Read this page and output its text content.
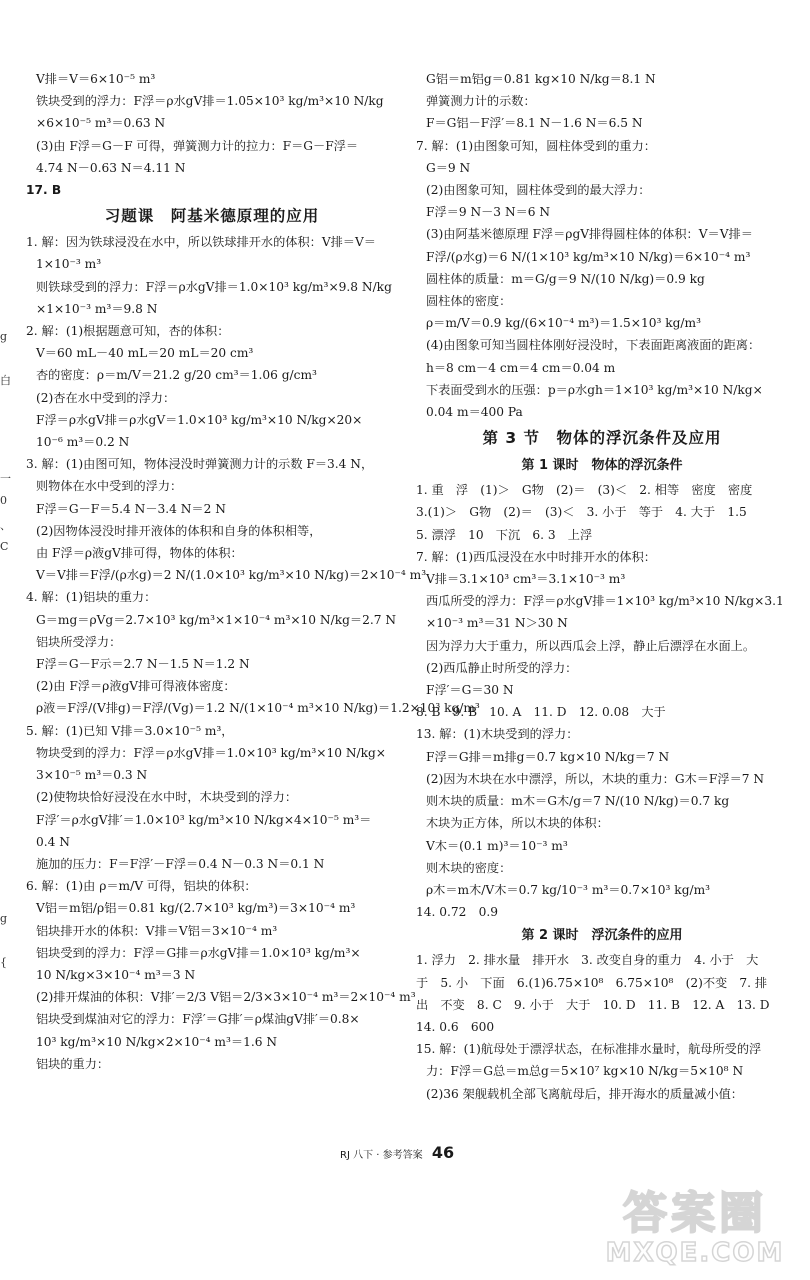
V排＝V＝6×10⁻⁵ m³
铁块受到的浮力：F浮＝ρ水gV排＝1.05×10³ kg/m³×10 N/kg
×6×10⁻⁵ m³＝0.63 N
(3)由 F浮＝G－F 可得，弹簧测力计的拉力：F＝G－F浮＝
4.74 N－0.63 N＝4.11 N
17. B
习题课　阿基米德原理的应用
1. 解：因为铁球浸没在水中，所以铁球排开水的体积：V排＝V＝
1×10⁻³ m³
则铁球受到的浮力：F浮＝ρ水gV排＝1.0×10³ kg/m³×9.8 N/kg
×1×10⁻³ m³＝9.8 N
2. 解：(1)根据题意可知，杏的体积：
V＝60 mL－40 mL＝20 mL＝20 cm³
杏的密度：ρ＝m/V＝21.2 g/20 cm³＝1.06 g/cm³
(2)杏在水中受到的浮力：
F浮＝ρ水gV排＝ρ水gV＝1.0×10³ kg/m³×10 N/kg×20×
10⁻⁶ m³＝0.2 N
3. 解：(1)由图可知，物体浸没时弹簧测力计的示数 F＝3.4 N，
则物体在水中受到的浮力：
F浮＝G－F＝5.4 N－3.4 N＝2 N
(2)因物体浸没时排开液体的体积和自身的体积相等，
由 F浮＝ρ液gV排可得，物体的体积：
V＝V排＝F浮/(ρ水g)＝2 N/(1.0×10³ kg/m³×10 N/kg)＝2×10⁻⁴ m³
4. 解：(1)铝块的重力：
G＝mg＝ρVg＝2.7×10³ kg/m³×1×10⁻⁴ m³×10 N/kg＝2.7 N
铝块所受浮力：
F浮＝G－F示＝2.7 N－1.5 N＝1.2 N
(2)由 F浮＝ρ液gV排可得液体密度：
ρ液＝F浮/(V排g)＝F浮/(Vg)＝1.2 N/(1×10⁻⁴ m³×10 N/kg)＝1.2×10³ kg/m³
5. 解：(1)已知 V排＝3.0×10⁻⁵ m³，
物块受到的浮力：F浮＝ρ水gV排＝1.0×10³ kg/m³×10 N/kg×
3×10⁻⁵ m³＝0.3 N
(2)使物块恰好浸没在水中时，木块受到的浮力：
F浮′＝ρ水gV排′＝1.0×10³ kg/m³×10 N/kg×4×10⁻⁵ m³＝
0.4 N
施加的压力：F＝F浮′－F浮＝0.4 N－0.3 N＝0.1 N
6. 解：(1)由 ρ＝m/V 可得，铝块的体积：
V铝＝m铝/ρ铝＝0.81 kg/(2.7×10³ kg/m³)＝3×10⁻⁴ m³
铝块排开水的体积：V排＝V铝＝3×10⁻⁴ m³
铝块受到的浮力：F浮＝G排＝ρ水gV排＝1.0×10³ kg/m³×
10 N/kg×3×10⁻⁴ m³＝3 N
(2)排开煤油的体积：V排′＝2/3 V铝＝2/3×3×10⁻⁴ m³＝2×10⁻⁴ m³
铝块受到煤油对它的浮力：F浮′＝G排′＝ρ煤油gV排′＝0.8×
10³ kg/m³×10 N/kg×2×10⁻⁴ m³＝1.6 N
铝块的重力：
G铝＝m铝g＝0.81 kg×10 N/kg＝8.1 N
弹簧测力计的示数：
F＝G铝－F浮′＝8.1 N－1.6 N＝6.5 N
7. 解：(1)由图象可知，圆柱体受到的重力：
G＝9 N
(2)由图象可知，圆柱体受到的最大浮力：
F浮＝9 N－3 N＝6 N
(3)由阿基米德原理 F浮＝ρgV排得圆柱体的体积：V＝V排＝
F浮/(ρ水g)＝6 N/(1×10³ kg/m³×10 N/kg)＝6×10⁻⁴ m³
圆柱体的质量：m＝G/g＝9 N/(10 N/kg)＝0.9 kg
圆柱体的密度：
ρ＝m/V＝0.9 kg/(6×10⁻⁴ m³)＝1.5×10³ kg/m³
(4)由图象可知当圆柱体刚好浸没时，下表面距离液面的距离：
h＝8 cm－4 cm＝4 cm＝0.04 m
下表面受到水的压强：p＝ρ水gh＝1×10³ kg/m³×10 N/kg×
0.04 m＝400 Pa
第 3 节　物体的浮沉条件及应用
第 1 课时　物体的浮沉条件
1. 重　浮　(1)＞　G物　(2)＝　(3)＜　2. 相等　密度　密度
3.(1)＞　G物　(2)＝　(3)＜　3. 小于　等于　4. 大于　1.5
5. 漂浮　10　下沉　6. 3　上浮
7. 解：(1)西瓜浸没在水中时排开水的体积：
V排＝3.1×10³ cm³＝3.1×10⁻³ m³
西瓜所受的浮力：F浮＝ρ水gV排＝1×10³ kg/m³×10 N/kg×3.1
×10⁻³ m³＝31 N＞30 N
因为浮力大于重力，所以西瓜会上浮，静止后漂浮在水面上。
(2)西瓜静止时所受的浮力：
F浮′＝G＝30 N
8. B　9. B　10. A　11. D　12. 0.08　大于
13. 解：(1)木块受到的浮力：
F浮＝G排＝m排g＝0.7 kg×10 N/kg＝7 N
(2)因为木块在水中漂浮，所以，木块的重力：G木＝F浮＝7 N
则木块的质量：m木＝G木/g＝7 N/(10 N/kg)＝0.7 kg
木块为正方体，所以木块的体积：
V木＝(0.1 m)³＝10⁻³ m³
则木块的密度：
ρ木＝m木/V木＝0.7 kg/10⁻³ m³＝0.7×10³ kg/m³
14. 0.72　0.9
第 2 课时　浮沉条件的应用
1. 浮力　2. 排水量　排开水　3. 改变自身的重力　4. 小于　大
于　5. 小　下面　6.(1)6.75×10⁸　6.75×10⁸　(2)不变　7. 排
出　不变　8. C　9. 小于　大于　10. D　11. B　12. A　13. D
14. 0.6　600
15. 解：(1)航母处于漂浮状态，在标准排水量时，航母所受的浮
力：F浮＝G总＝m总g＝5×10⁷ kg×10 N/kg＝5×10⁸ N
(2)36 架舰载机全部飞离航母后，排开海水的质量减小值：
RJ 八下 · 参考答案 46
答案圈
MXQE.COM
g
白
一
0
、
C
g
{
